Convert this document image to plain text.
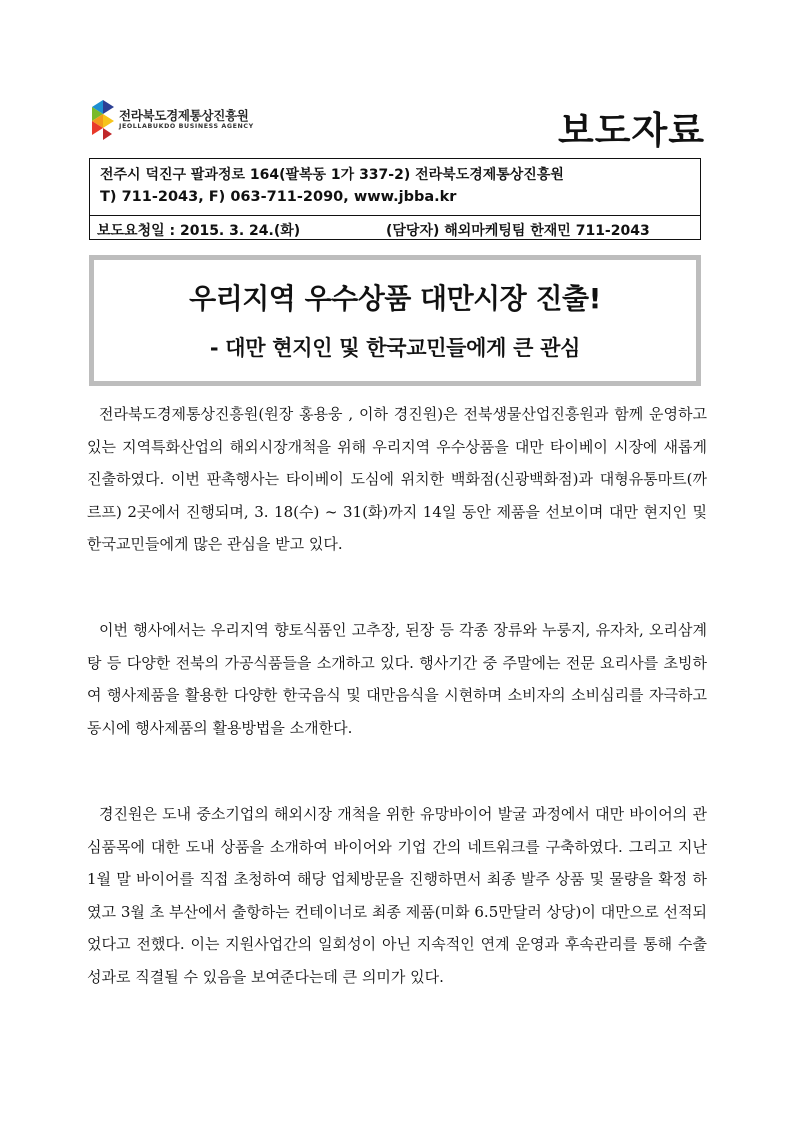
전라북도경제통상진흥원
JEOLLABUKDO BUSINESS AGENCY	보도자료
전주시 덕진구 팔과정로 164(팔복동 1가 337-2) 전라북도경제통상진흥원
T) 711-2043, F) 063-711-2090, www.jbba.kr
보도요청일 : 2015. 3. 24.(화)	(담당자) 해외마케팅팀 한재민 711-2043
우리지역 우수상품 대만시장 진출!
- 대만 현지인 및 한국교민들에게 큰 관심

전라북도경제통상진흥원(원장 홍용웅 , 이하 경진원)은 전북생물산업진흥원과 함께 운영하고 있는 지역특화산업의 해외시장개척을 위해 우리지역 우수상품을 대만 타이베이 시장에 새롭게 진출하였다. 이번 판촉행사는 타이베이 도심에 위치한 백화점(신광백화점)과 대형유통마트(까르프) 2곳에서 진행되며, 3. 18(수) ~ 31(화)까지 14일 동안 제품을 선보이며 대만 현지인 및 한국교민들에게 많은 관심을 받고 있다.

이번 행사에서는 우리지역 향토식품인 고추장, 된장 등 각종 장류와 누룽지, 유자차, 오리삼계탕 등 다양한 전북의 가공식품들을 소개하고 있다. 행사기간 중 주말에는 전문 요리사를 초빙하여 행사제품을 활용한 다양한 한국음식 및 대만음식을 시현하며 소비자의 소비심리를 자극하고 동시에 행사제품의 활용방법을 소개한다.

경진원은 도내 중소기업의 해외시장 개척을 위한 유망바이어 발굴 과정에서 대만 바이어의 관심품목에 대한 도내 상품을 소개하여 바이어와 기업 간의 네트워크를 구축하였다. 그리고 지난 1월 말 바이어를 직접 초청하여 해당 업체방문을 진행하면서 최종 발주 상품 및 물량을 확정 하였고 3월 초 부산에서 출항하는 컨테이너로 최종 제품(미화 6.5만달러 상당)이 대만으로 선적되었다고 전했다. 이는 지원사업간의 일회성이 아닌 지속적인 연계 운영과 후속관리를 통해 수출성과로 직결될 수 있음을 보여준다는데 큰 의미가 있다.
